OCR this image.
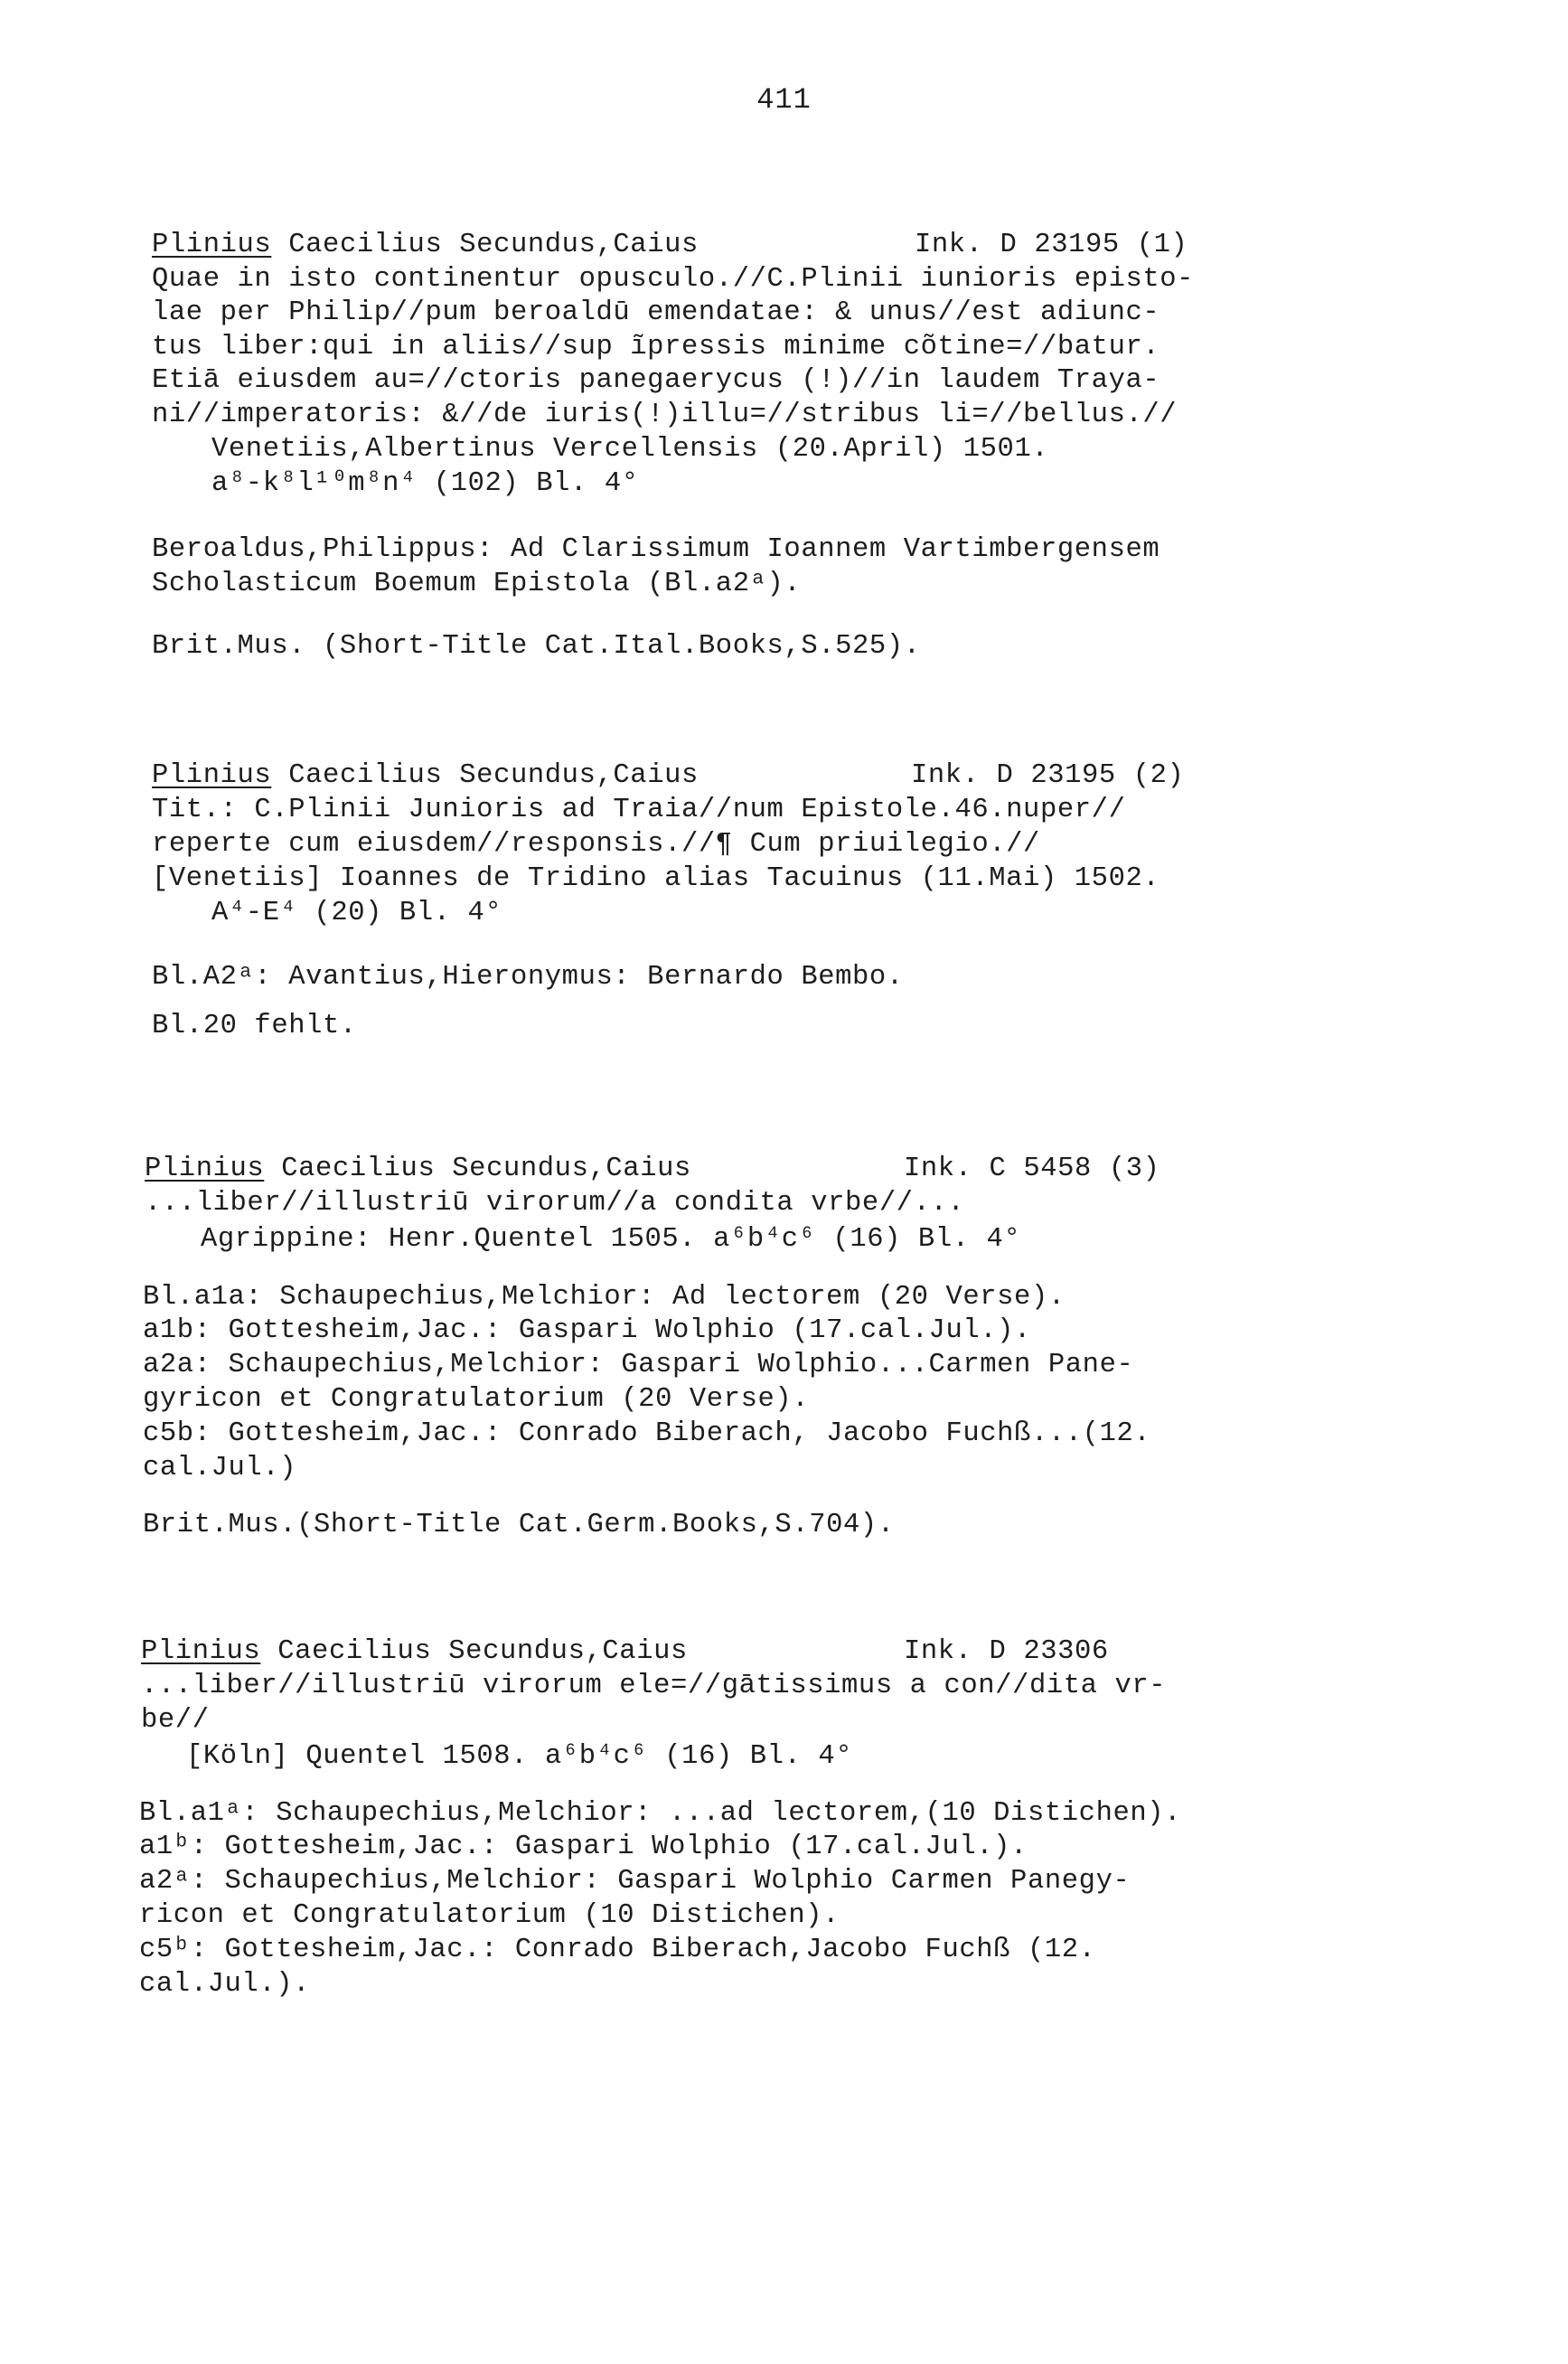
411
Plinius Caecilius Secundus,Caius	Ink. D 23195 (1)
Quae in isto continentur opusculo.//C.Plinii iunioris episto-
lae per Philip//pum beroaldū emendatae: & unus//est adiunc-
tus liber:qui in aliis//sup ĩpressis minime cõtine=//batur.
Etiā eiusdem au=//ctoris panegaerycus (!)//in laudem Traya-
ni//imperatoris: &//de iuris(!)illu=//stribus li=//bellus.//
Venetiis,Albertinus Vercellensis (20.April) 1501.
a⁸-k⁸l¹⁰m⁸n⁴ (102) Bl. 4°
Beroaldus,Philippus: Ad Clarissimum Ioannem Vartimbergensem
Scholasticum Boemum Epistola (Bl.a2ᵃ).
Brit.Mus. (Short-Title Cat.Ital.Books,S.525).
Plinius Caecilius Secundus,Caius	Ink. D 23195 (2)
Tit.: C.Plinii Junioris ad Traia//num Epistole.46.nuper//
reperte cum eiusdem//responsis.//¶ Cum priuilegio.//
[Venetiis] Ioannes de Tridino alias Tacuinus (11.Mai) 1502.
A⁴-E⁴ (20) Bl. 4°
Bl.A2ᵃ: Avantius,Hieronymus: Bernardo Bembo.
Bl.20 fehlt.
Plinius Caecilius Secundus,Caius	Ink. C 5458 (3)
...liber//illustriū virorum//a condita vrbe//...
Agrippine: Henr.Quentel 1505. a⁶b⁴c⁶ (16) Bl. 4°
Bl.a1a: Schaupechius,Melchior: Ad lectorem (20 Verse).
a1b: Gottesheim,Jac.: Gaspari Wolphio (17.cal.Jul.).
a2a: Schaupechius,Melchior: Gaspari Wolphio...Carmen Pane-
gyricon et Congratulatorium (20 Verse).
c5b: Gottesheim,Jac.: Conrado Biberach, Jacobo Fuchß...(12.
cal.Jul.)
Brit.Mus.(Short-Title Cat.Germ.Books,S.704).
Plinius Caecilius Secundus,Caius	Ink. D 23306
...liber//illustriū virorum ele=//gātissimus a con//dita vr-
be//
[Köln] Quentel 1508. a⁶b⁴c⁶ (16) Bl. 4°
Bl.a1ᵃ: Schaupechius,Melchior: ...ad lectorem,(10 Distichen).
a1ᵇ: Gottesheim,Jac.: Gaspari Wolphio (17.cal.Jul.).
a2ᵃ: Schaupechius,Melchior: Gaspari Wolphio Carmen Panegy-
ricon et Congratulatorium (10 Distichen).
c5ᵇ: Gottesheim,Jac.: Conrado Biberach,Jacobo Fuchß (12.
cal.Jul.).
